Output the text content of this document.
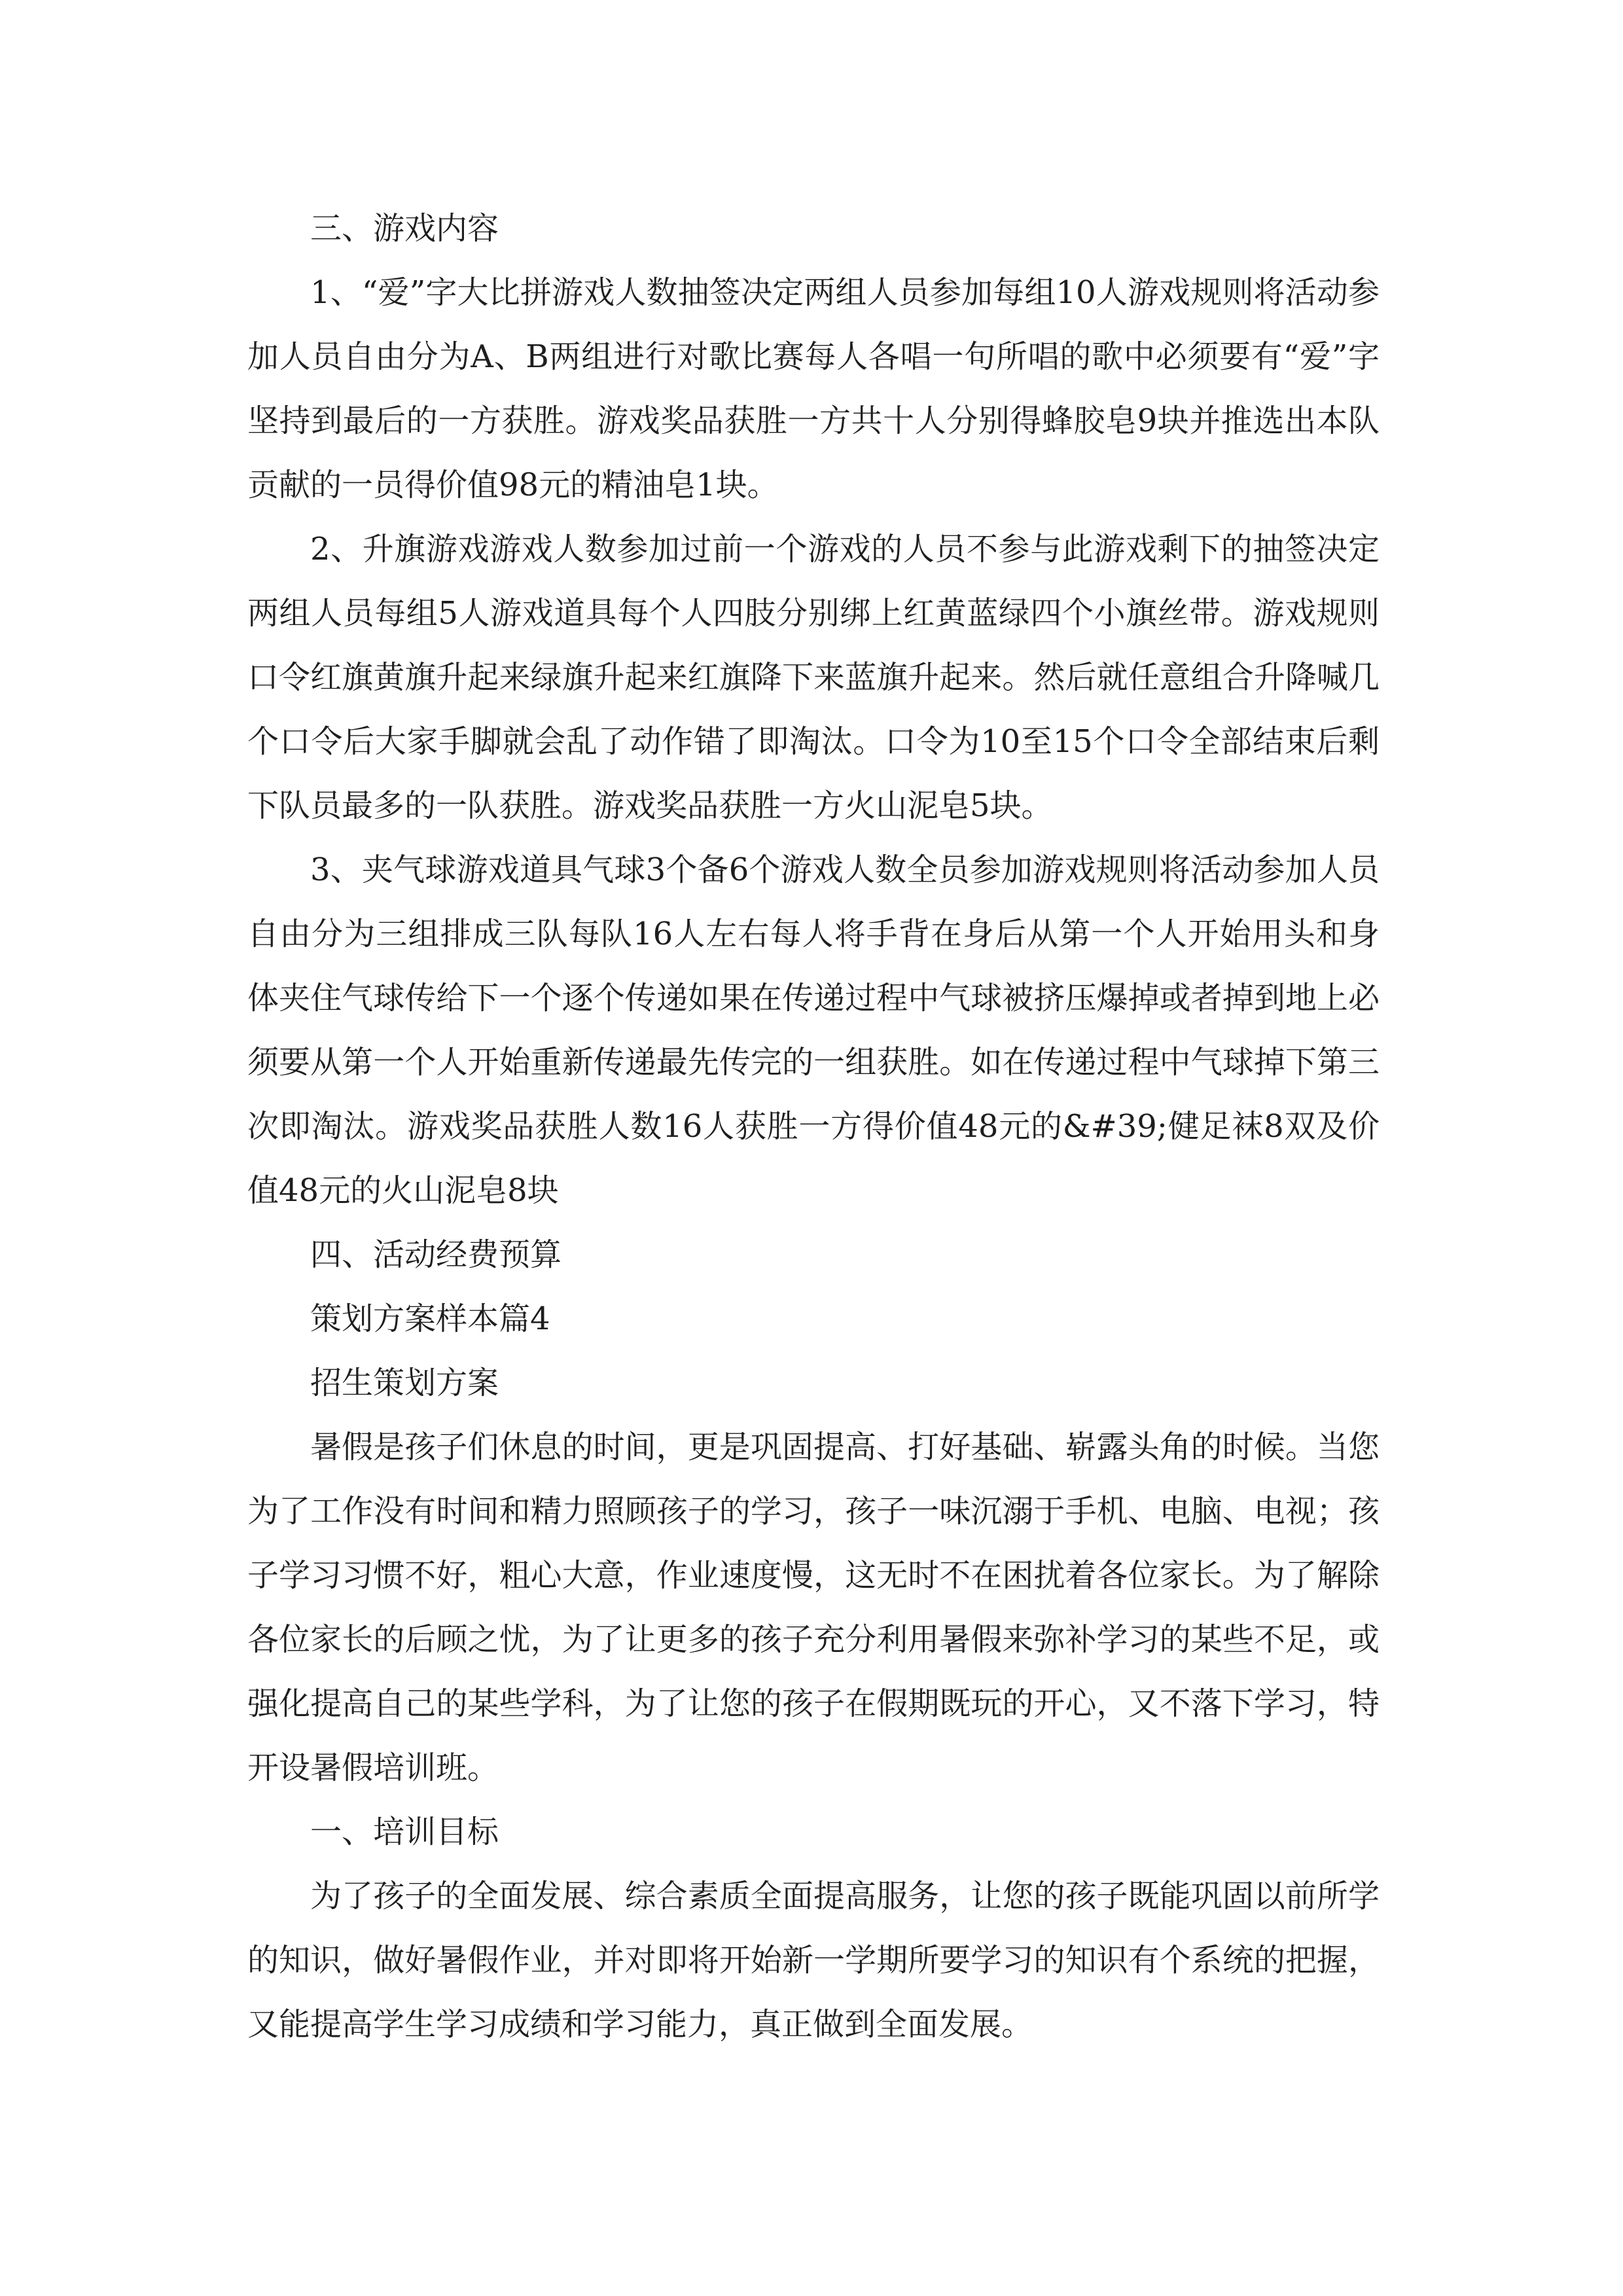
三、游戏内容

1、“爱”字大比拼游戏人数抽签决定两组人员参加每组10人游戏规则将活动参加人员自由分为A、B两组进行对歌比赛每人各唱一句所唱的歌中必须要有“爱”字坚持到最后的一方获胜。游戏奖品获胜一方共十人分别得蜂胶皂9块并推选出本队贡献的一员得价值98元的精油皂1块。

2、升旗游戏游戏人数参加过前一个游戏的人员不参与此游戏剩下的抽签决定两组人员每组5人游戏道具每个人四肢分别绑上红黄蓝绿四个小旗丝带。游戏规则口令红旗黄旗升起来绿旗升起来红旗降下来蓝旗升起来。然后就任意组合升降喊几个口令后大家手脚就会乱了动作错了即淘汰。口令为10至15个口令全部结束后剩下队员最多的一队获胜。游戏奖品获胜一方火山泥皂5块。

3、夹气球游戏道具气球3个备6个游戏人数全员参加游戏规则将活动参加人员自由分为三组排成三队每队16人左右每人将手背在身后从第一个人开始用头和身体夹住气球传给下一个逐个传递如果在传递过程中气球被挤压爆掉或者掉到地上必须要从第一个人开始重新传递最先传完的一组获胜。如在传递过程中气球掉下第三次即淘汰。游戏奖品获胜人数16人获胜一方得价值48元的&#39;健足袜8双及价值48元的火山泥皂8块

四、活动经费预算

策划方案样本篇4

招生策划方案

暑假是孩子们休息的时间，更是巩固提高、打好基础、崭露头角的时候。当您为了工作没有时间和精力照顾孩子的学习，孩子一味沉溺于手机、电脑、电视；孩子学习习惯不好，粗心大意，作业速度慢，这无时不在困扰着各位家长。为了解除各位家长的后顾之忧，为了让更多的孩子充分利用暑假来弥补学习的某些不足，或强化提高自己的某些学科，为了让您的孩子在假期既玩的开心，又不落下学习，特开设暑假培训班。

一、培训目标

为了孩子的全面发展、综合素质全面提高服务，让您的孩子既能巩固以前所学的知识，做好暑假作业，并对即将开始新一学期所要学习的知识有个系统的把握，又能提高学生学习成绩和学习能力，真正做到全面发展。
